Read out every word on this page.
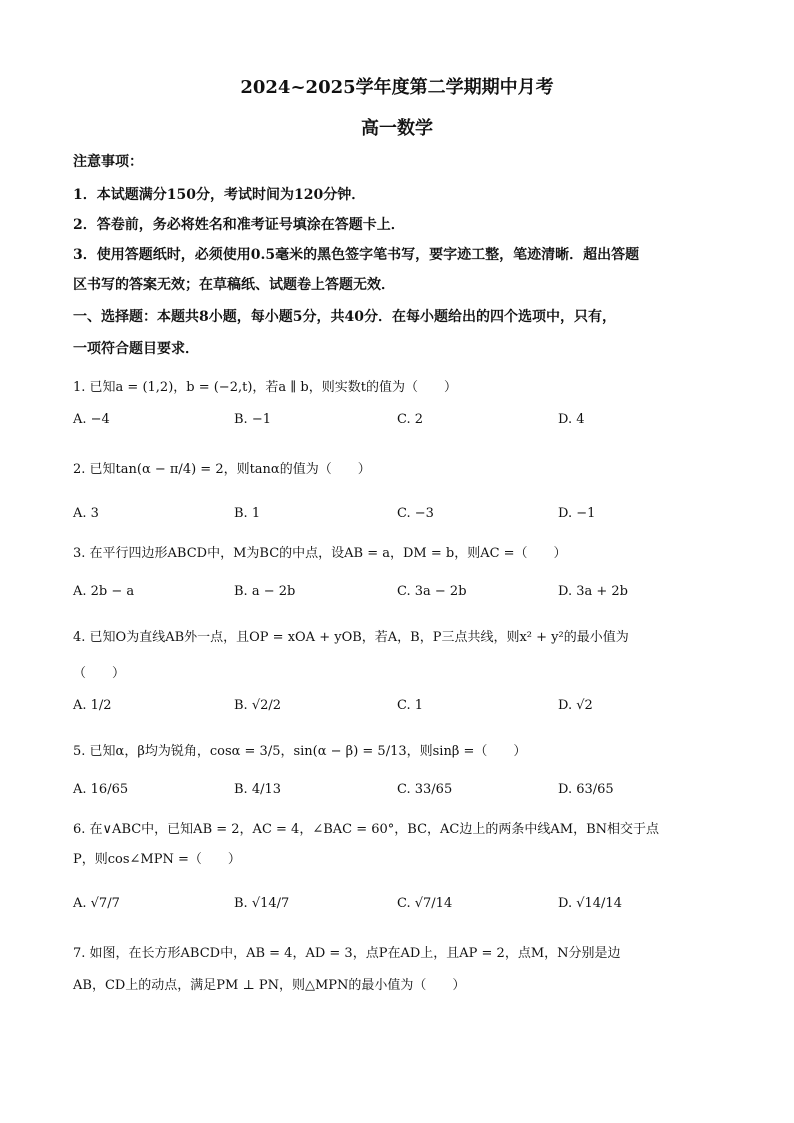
2024~2025学年度第二学期期中月考
高一数学
注意事项：
1．本试题满分150分，考试时间为120分钟．
2．答卷前，务必将姓名和准考证号填涂在答题卡上．
3．使用答题纸时，必须使用0.5毫米的黑色签字笔书写，要字迹工整，笔迹清晰．超出答题
区书写的答案无效；在草稿纸、试题卷上答题无效．
一、选择题：本题共8小题，每小题5分，共40分．在每小题给出的四个选项中，只有，
一项符合题目要求．
1. 已知a = (1,2)，b = (−2,t)，若a ∥ b，则实数t的值为（　　）
A. −4	B. −1	C. 2	D. 4
2. 已知tan(α − π/4) = 2，则tanα的值为（　　）
A. 3	B. 1	C. −3	D. −1
3. 在平行四边形ABCD中，M为BC的中点，设AB = a，DM = b，则AC =（　　）
A. 2b − a	B. a − 2b	C. 3a − 2b	D. 3a + 2b
4. 已知O为直线AB外一点，且OP = xOA + yOB，若A，B，P三点共线，则x² + y²的最小值为
（　　）
A. 1/2	B. √2/2	C. 1	D. √2
5. 已知α，β均为锐角，cosα = 3/5，sin(α − β) = 5/13，则sinβ =（　　）
A. 16/65	B. 4/13	C. 33/65	D. 63/65
6. 在∨ABC中，已知AB = 2，AC = 4，∠BAC = 60°，BC，AC边上的两条中线AM，BN相交于点
P，则cos∠MPN =（　　）
A. √7/7	B. √14/7	C. √7/14	D. √14/14
7. 如图，在长方形ABCD中，AB = 4，AD = 3，点P在AD上，且AP = 2，点M，N分别是边
AB，CD上的动点，满足PM ⊥ PN，则△MPN的最小值为（　　）
